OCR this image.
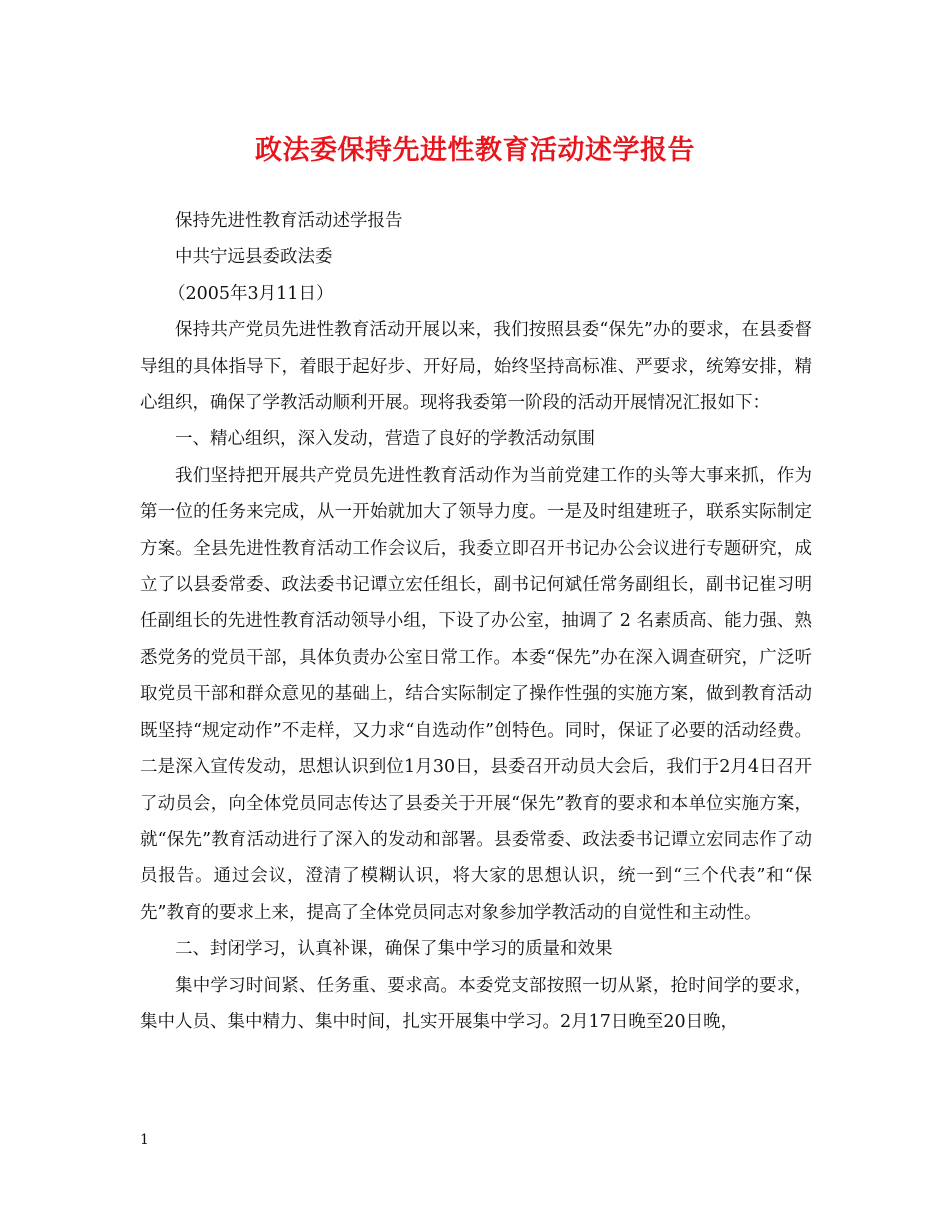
政法委保持先进性教育活动述学报告

保持先进性教育活动述学报告

中共宁远县委政法委

（2005年3月11日）

保持共产党员先进性教育活动开展以来，我们按照县委“保先”办的要求，在县委督导组的具体指导下，着眼于起好步、开好局，始终坚持高标准、严要求，统筹安排，精心组织，确保了学教活动顺利开展。现将我委第一阶段的活动开展情况汇报如下：

一、精心组织，深入发动，营造了良好的学教活动氛围

我们坚持把开展共产党员先进性教育活动作为当前党建工作的头等大事来抓，作为第一位的任务来完成，从一开始就加大了领导力度。一是及时组建班子，联系实际制定方案。全县先进性教育活动工作会议后，我委立即召开书记办公会议进行专题研究，成立了以县委常委、政法委书记谭立宏任组长，副书记何斌任常务副组长，副书记崔习明任副组长的先进性教育活动领导小组，下设了办公室，抽调了 2 名素质高、能力强、熟悉党务的党员干部，具体负责办公室日常工作。本委“保先”办在深入调查研究，广泛听取党员干部和群众意见的基础上，结合实际制定了操作性强的实施方案，做到教育活动既坚持“规定动作”不走样，又力求“自选动作”创特色。同时，保证了必要的活动经费。二是深入宣传发动，思想认识到位1月30日，县委召开动员大会后，我们于2月4日召开了动员会，向全体党员同志传达了县委关于开展“保先”教育的要求和本单位实施方案，就“保先”教育活动进行了深入的发动和部署。县委常委、政法委书记谭立宏同志作了动员报告。通过会议，澄清了模糊认识，将大家的思想认识，统一到“三个代表”和“保先”教育的要求上来，提高了全体党员同志对象参加学教活动的自觉性和主动性。

二、封闭学习，认真补课，确保了集中学习的质量和效果

集中学习时间紧、任务重、要求高。本委党支部按照一切从紧，抢时间学的要求，集中人员、集中精力、集中时间，扎实开展集中学习。2月17日晚至20日晚，

1
